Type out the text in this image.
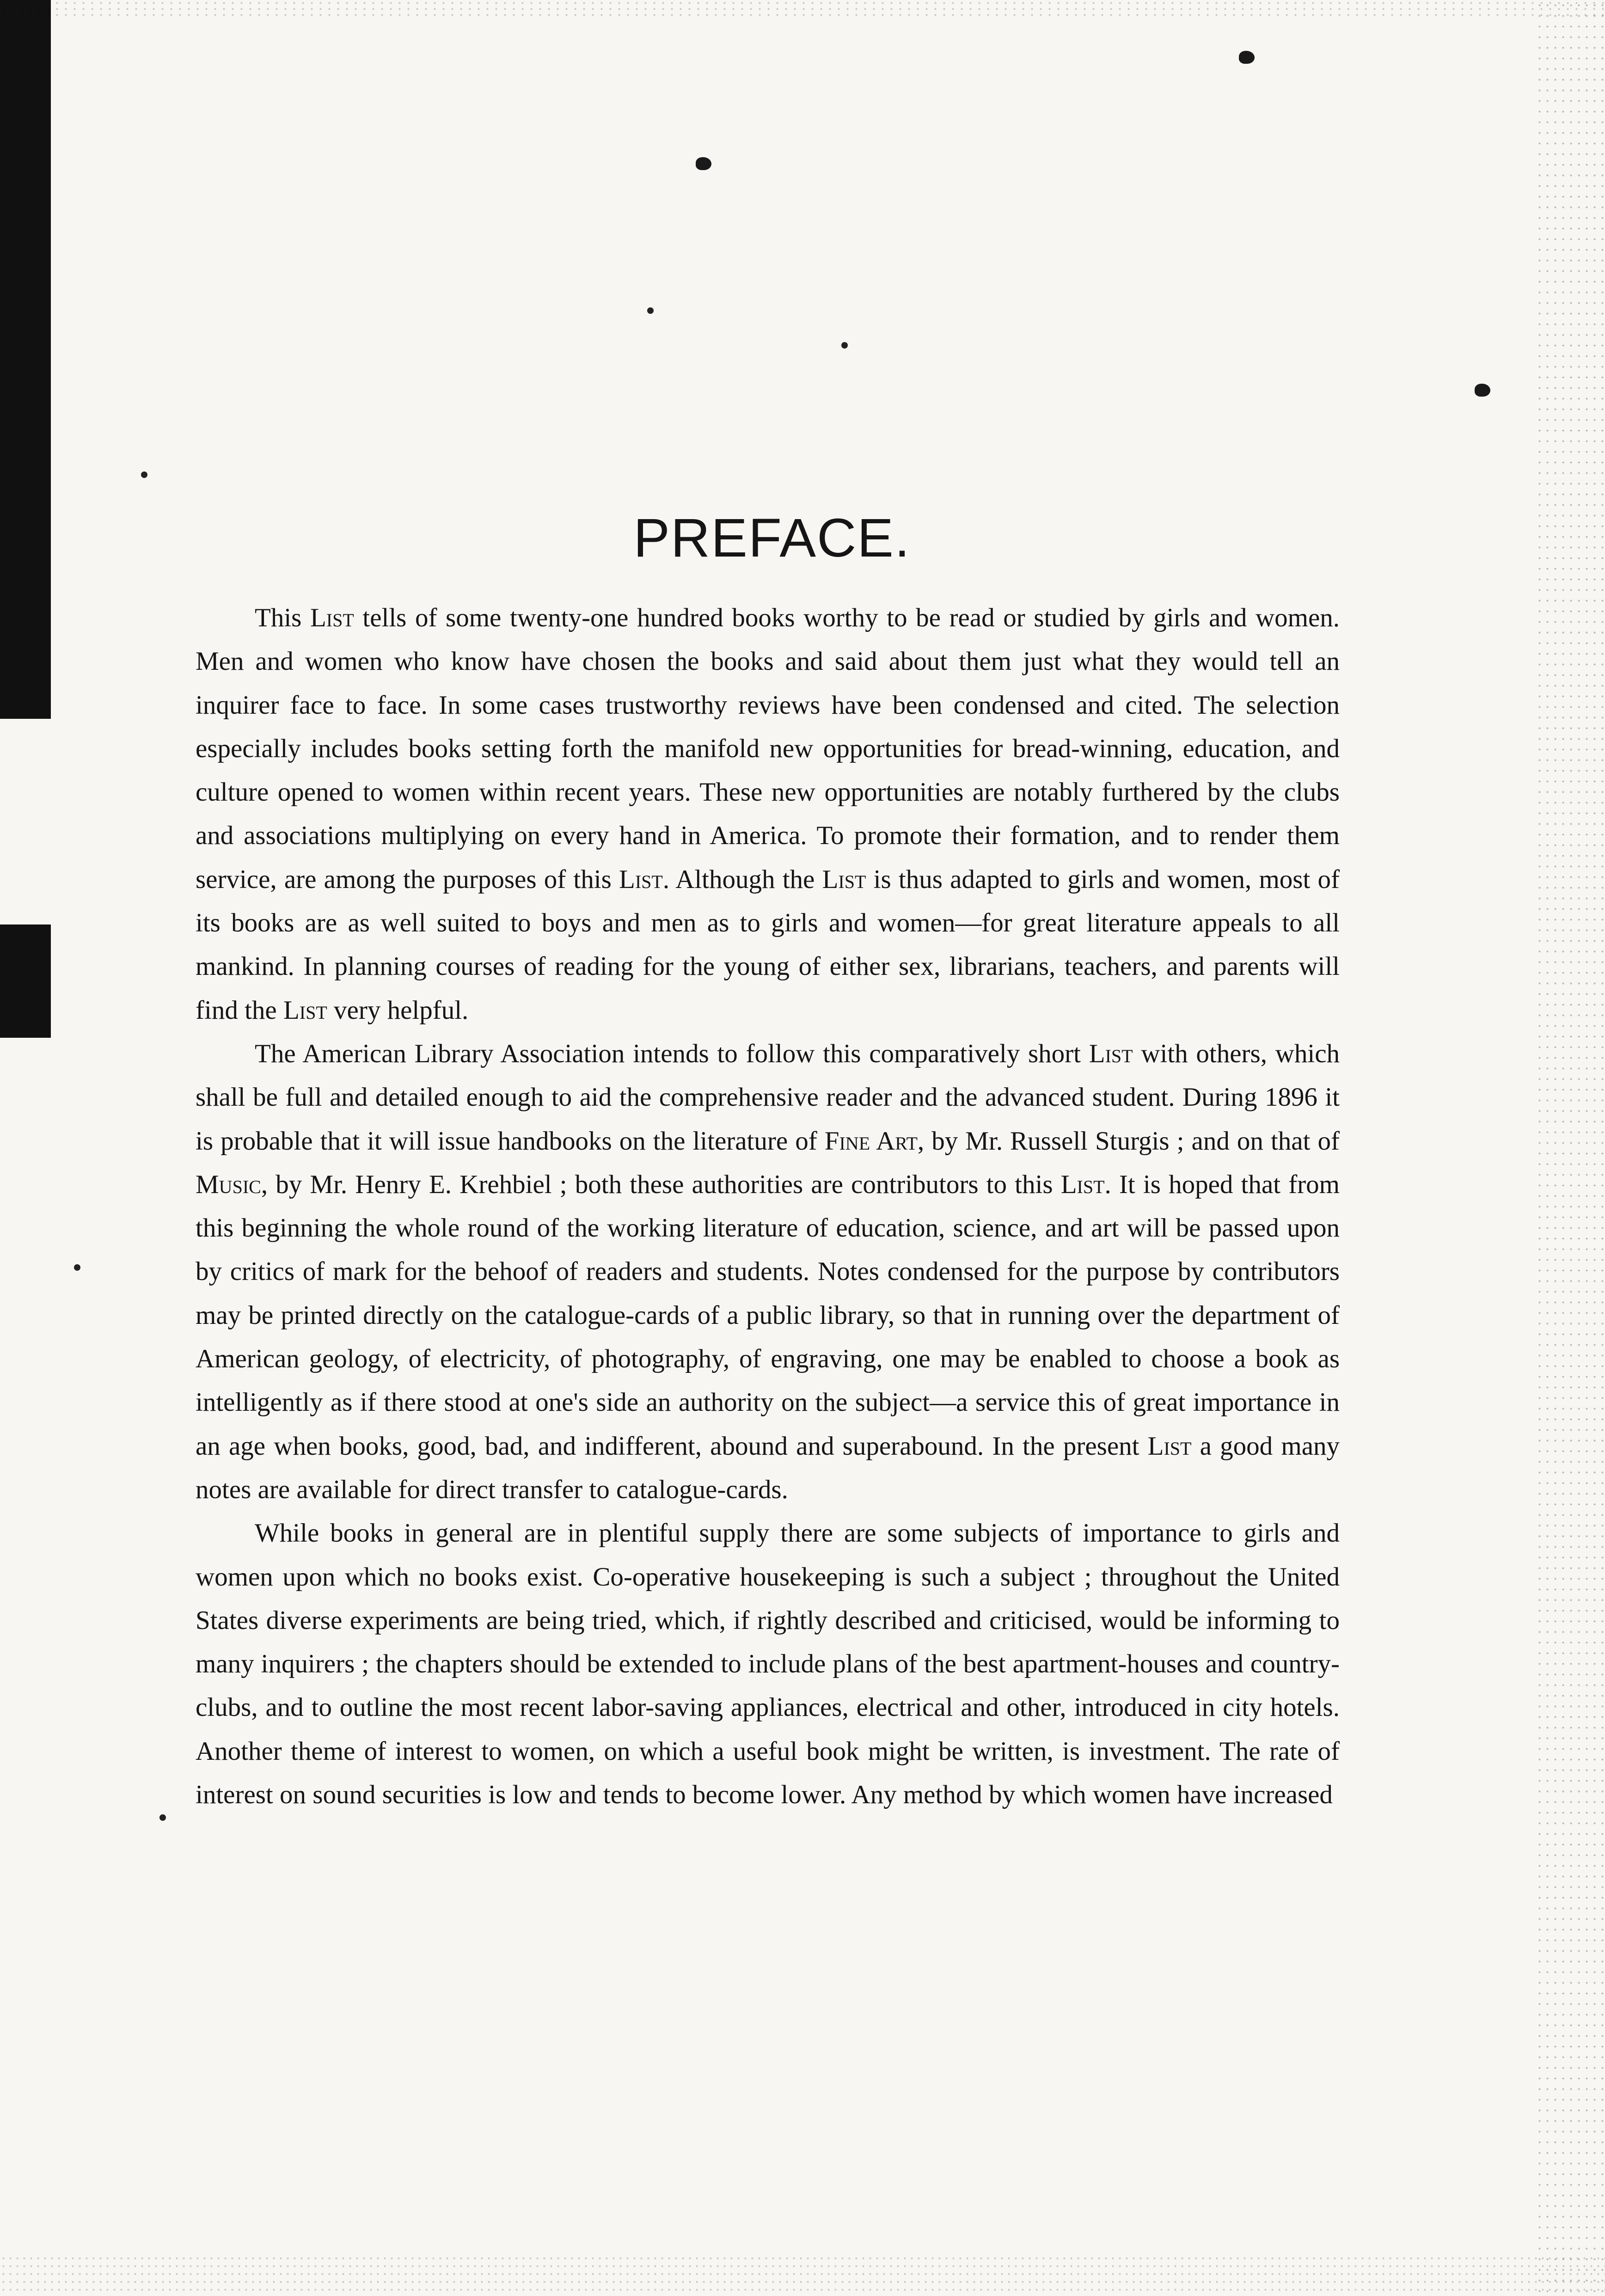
PREFACE.

This List tells of some twenty-one hundred books worthy to be read or studied by girls and women. Men and women who know have chosen the books and said about them just what they would tell an inquirer face to face. In some cases trustworthy reviews have been condensed and cited. The selection especially includes books setting forth the manifold new opportunities for bread-winning, education, and culture opened to women within recent years. These new opportunities are notably furthered by the clubs and associations multiplying on every hand in America. To promote their formation, and to render them service, are among the purposes of this List. Although the List is thus adapted to girls and women, most of its books are as well suited to boys and men as to girls and women—for great literature appeals to all mankind. In planning courses of reading for the young of either sex, librarians, teachers, and parents will find the List very helpful.

The American Library Association intends to follow this comparatively short List with others, which shall be full and detailed enough to aid the comprehensive reader and the advanced student. During 1896 it is probable that it will issue handbooks on the literature of Fine Art, by Mr. Russell Sturgis ; and on that of Music, by Mr. Henry E. Krehbiel ; both these authorities are contributors to this List. It is hoped that from this beginning the whole round of the working literature of education, science, and art will be passed upon by critics of mark for the behoof of readers and students. Notes condensed for the purpose by contributors may be printed directly on the catalogue-cards of a public library, so that in running over the department of American geology, of electricity, of photography, of engraving, one may be enabled to choose a book as intelligently as if there stood at one's side an authority on the subject—a service this of great importance in an age when books, good, bad, and indifferent, abound and superabound. In the present List a good many notes are available for direct transfer to catalogue-cards.

While books in general are in plentiful supply there are some subjects of importance to girls and women upon which no books exist. Co-operative housekeeping is such a subject ; throughout the United States diverse experiments are being tried, which, if rightly described and criticised, would be informing to many inquirers ; the chapters should be extended to include plans of the best apartment-houses and country-clubs, and to outline the most recent labor-saving appliances, electrical and other, introduced in city hotels. Another theme of interest to women, on which a useful book might be written, is investment. The rate of interest on sound securities is low and tends to become lower. Any method by which women have increased
